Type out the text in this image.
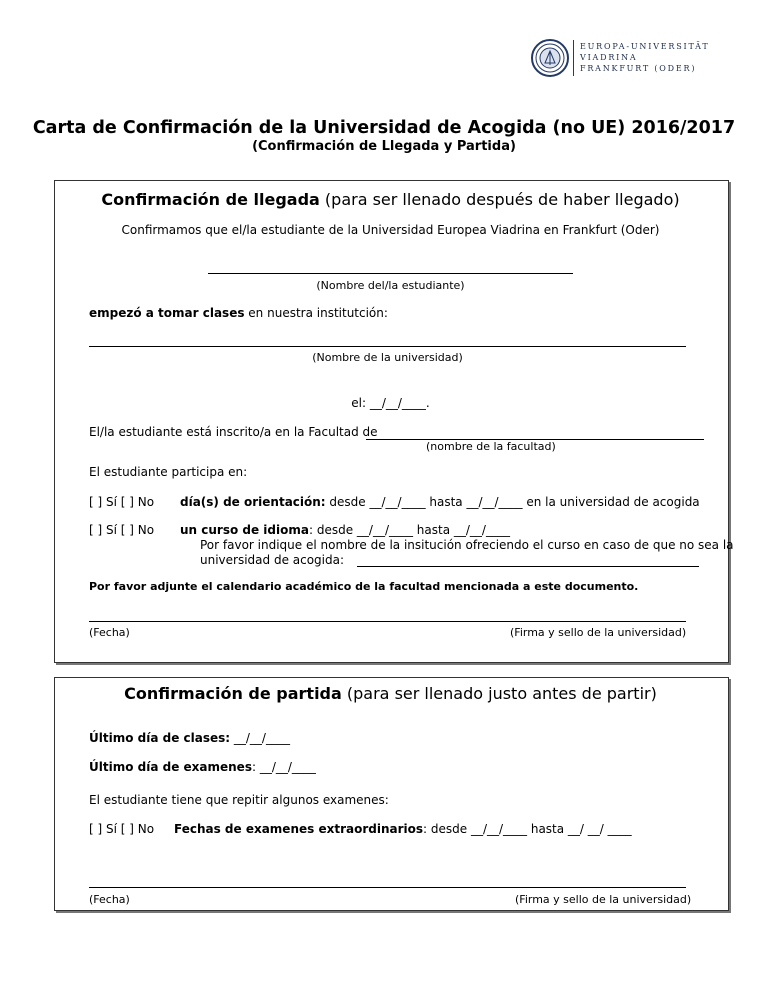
EUROPA-UNIVERSITÄT
VIADRINA
FRANKFURT (ODER)
Carta de Confirmación de la Universidad de Acogida (no UE) 2016/2017
(Confirmación de Llegada y Partida)
Confirmación de llegada (para ser llenado después de haber llegado)
Confirmamos que el/la estudiante de la Universidad Europea Viadrina en Frankfurt (Oder)
(Nombre del/la estudiante)
empezó a tomar clases en nuestra institutción:
(Nombre de la universidad)
el: __/__/____.
El/la estudiante está inscrito/a en la Facultad de
(nombre de la facultad)
El estudiante participa en:
[ ] Sí [ ] No día(s) de orientación: desde __/__/____ hasta __/__/____ en la universidad de acogida
[ ] Sí [ ] No un curso de idioma: desde __/__/____ hasta __/__/____
Por favor indique el nombre de la insitución ofreciendo el curso en caso de que no sea la
universidad de acogida:
Por favor adjunte el calendario académico de la facultad mencionada a este documento.
(Fecha)	(Firma y sello de la universidad)
Confirmación de partida (para ser llenado justo antes de partir)
Último día de clases: __/__/____
Último día de examenes: __/__/____
El estudiante tiene que repitir algunos examenes:
[ ] Sí [ ] No Fechas de examenes extraordinarios: desde __/__/____ hasta __/ __/ ____
(Fecha)	(Firma y sello de la universidad)
